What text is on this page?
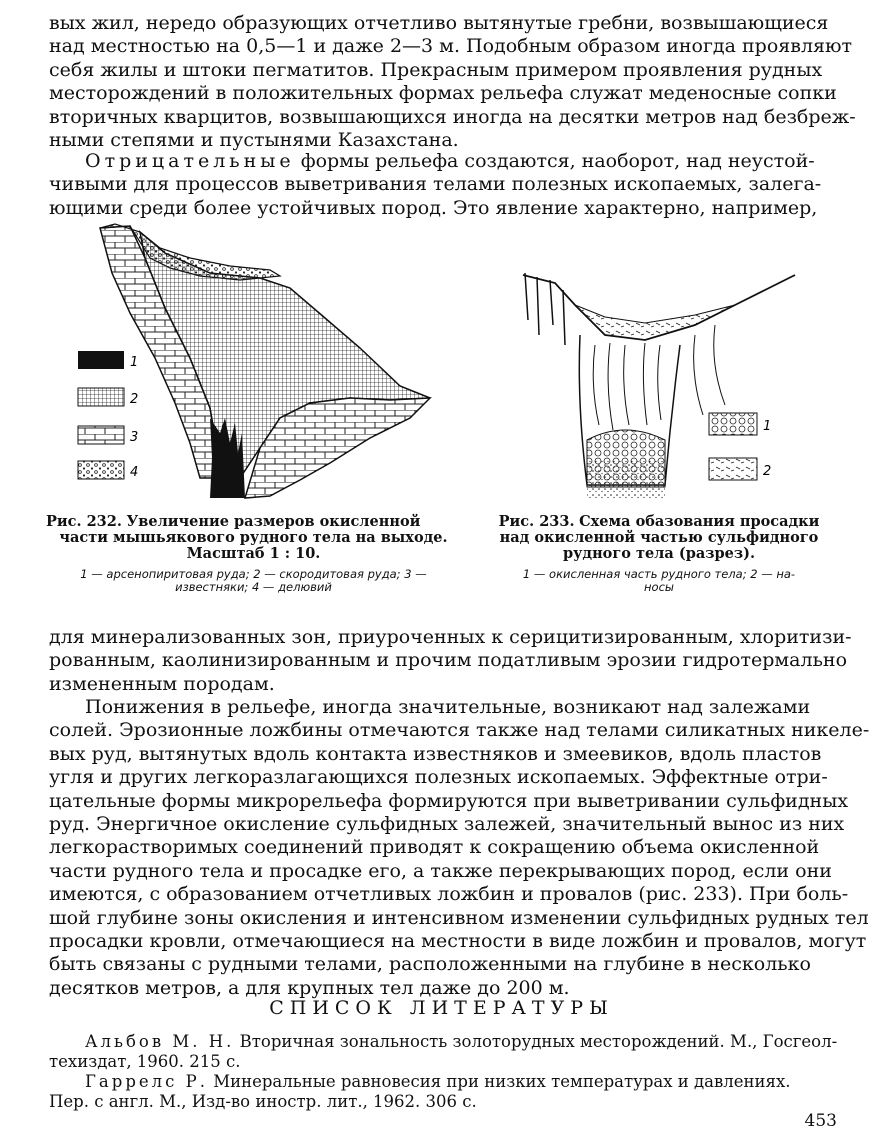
вых жил, нередо образующих отчетливо вытянутые гребни, возвышающиеся
над местностью на 0,5—1 и даже 2—3 м. Подобным образом иногда проявляют
себя жилы и штоки пегматитов. Прекрасным примером проявления рудных
месторождений в положительных формах рельефа служат меденосные сопки
вторичных кварцитов, возвышающихся иногда на десятки метров над безбреж-
ными степями и пустынями Казахстана.
Отрицательные формы рельефа создаются, наоборот, над неустой-
чивыми для процессов выветривания телами полезных ископаемых, залега-
ющими среди более устойчивых пород. Это явление характерно, например,
1
2
3
4
1
2
Рис. 232. Увеличение размеров окисленной
части мышьякового рудного тела на выходе.
Масштаб 1 : 10.
1 — арсенопиритовая руда; 2 — скородитовая руда; 3 —
известняки; 4 — делювий
Рис. 233. Схема обазования просадки
над окисленной частью сульфидного
рудного тела (разрез).
1 — окисленная часть рудного тела; 2 — на-
носы
для минерализованных зон, приуроченных к серицитизированным, хлоритизи-
рованным, каолинизированным и прочим податливым эрозии гидротермально
измененным породам.
Понижения в рельефе, иногда значительные, возникают над залежами
солей. Эрозионные ложбины отмечаются также над телами силикатных никеле-
вых руд, вытянутых вдоль контакта известняков и змеевиков, вдоль пластов
угля и других легкоразлагающихся полезных ископаемых. Эффектные отри-
цательные формы микрорельефа формируются при выветривании сульфидных
руд. Энергичное окисление сульфидных залежей, значительный вынос из них
легкорастворимых соединений приводят к сокращению объема окисленной
части рудного тела и просадке его, а также перекрывающих пород, если они
имеются, с образованием отчетливых ложбин и провалов (рис. 233). При боль-
шой глубине зоны окисления и интенсивном изменении сульфидных рудных тел
просадки кровли, отмечающиеся на местности в виде ложбин и провалов, могут
быть связаны с рудными телами, расположенными на глубине в несколько
десятков метров, а для крупных тел даже до 200 м.
СПИСОК ЛИТЕРАТУРЫ
Альбов М. Н. Вторичная зональность золоторудных месторождений. М., Госгеол-
техиздат, 1960. 215 с.
Гаррелс Р. Минеральные равновесия при низких температурах и давлениях.
Пер. с англ. М., Изд-во иностр. лит., 1962. 306 с.
453
